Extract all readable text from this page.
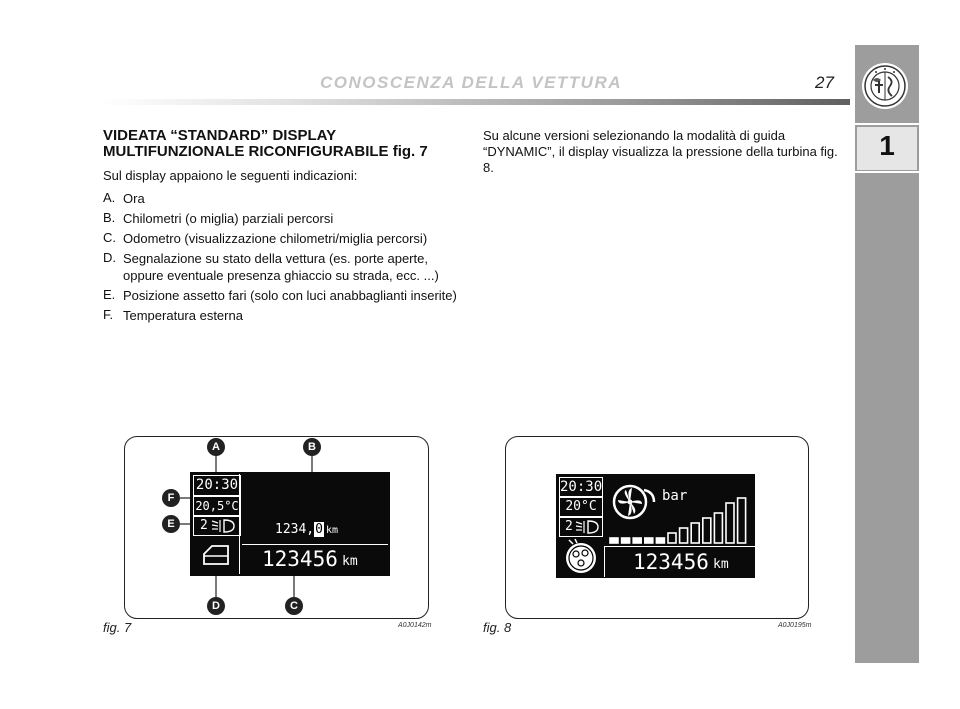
CONOSCENZA DELLA VETTURA	27
1
VIDEATA “STANDARD” DISPLAY
MULTIFUNZIONALE RICONFIGURABILE fig. 7
Sul display appaiono le seguenti indicazioni:
A. Ora
B. Chilometri (o miglia) parziali percorsi
C. Odometro (visualizzazione chilometri/miglia percorsi)
D. Segnalazione su stato della vettura (es. porte aperte, oppure eventuale presenza ghiaccio su strada, ecc. ...)
E. Posizione assetto fari (solo con luci anabbaglianti inserite)
F. Temperatura esterna
Su alcune versioni selezionando la modalità di guida “DYNAMIC”, il display visualizza la pressione della turbina fig. 8.
20:30
20,5°C
2	1234,0 km
123456 km
A	B
F
E
D	C
fig. 7	A0J0142m
20:30
20°C
2
bar
123456 km
fig. 8	A0J0195m
